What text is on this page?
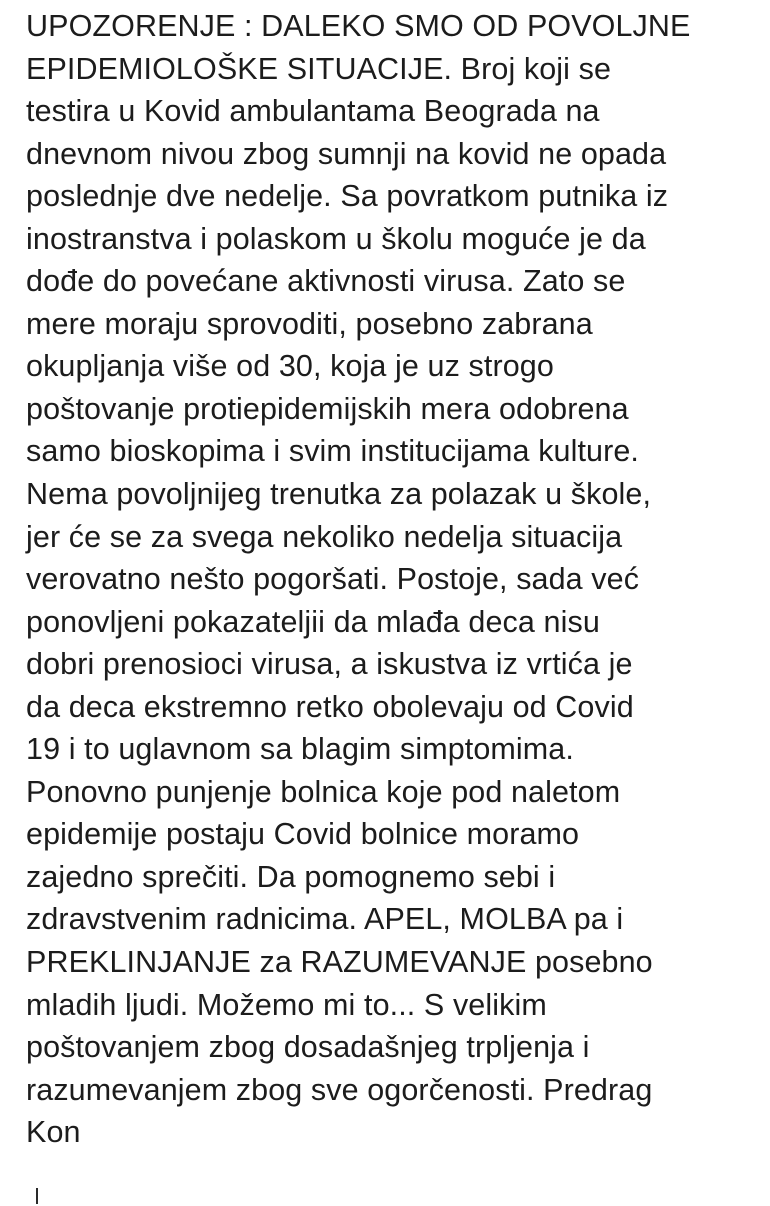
UPOZORENJE : DALEKO SMO OD POVOLJNE
EPIDEMIOLOŠKE SITUACIJE. Broj koji se
testira u Kovid ambulantama Beograda na
dnevnom nivou zbog sumnji na kovid ne opada
poslednje dve nedelje. Sa povratkom putnika iz
inostranstva i polaskom u školu moguće je da
dođe do povećane aktivnosti virusa. Zato se
mere moraju sprovoditi, posebno zabrana
okupljanja više od 30, koja je uz strogo
poštovanje protiepidemijskih mera odobrena
samo bioskopima i svim institucijama kulture.
Nema povoljnijeg trenutka za polazak u škole,
jer će se za svega nekoliko nedelja situacija
verovatno nešto pogoršati. Postoje, sada već
ponovljeni pokazateljii da mlađa deca nisu
dobri prenosioci virusa, a iskustva iz vrtića je
da deca ekstremno retko obolevaju od Covid
19 i to uglavnom sa blagim simptomima.
Ponovno punjenje bolnica koje pod naletom
epidemije postaju Covid bolnice moramo
zajedno sprečiti. Da pomognemo sebi i
zdravstvenim radnicima. APEL, MOLBA pa i
PREKLINJANJE za RAZUMEVANJE posebno
mladih ljudi. Možemo mi to... S velikim
poštovanjem zbog dosadašnjeg trpljenja i
razumevanjem zbog sve ogorčenosti. Predrag
Kon
